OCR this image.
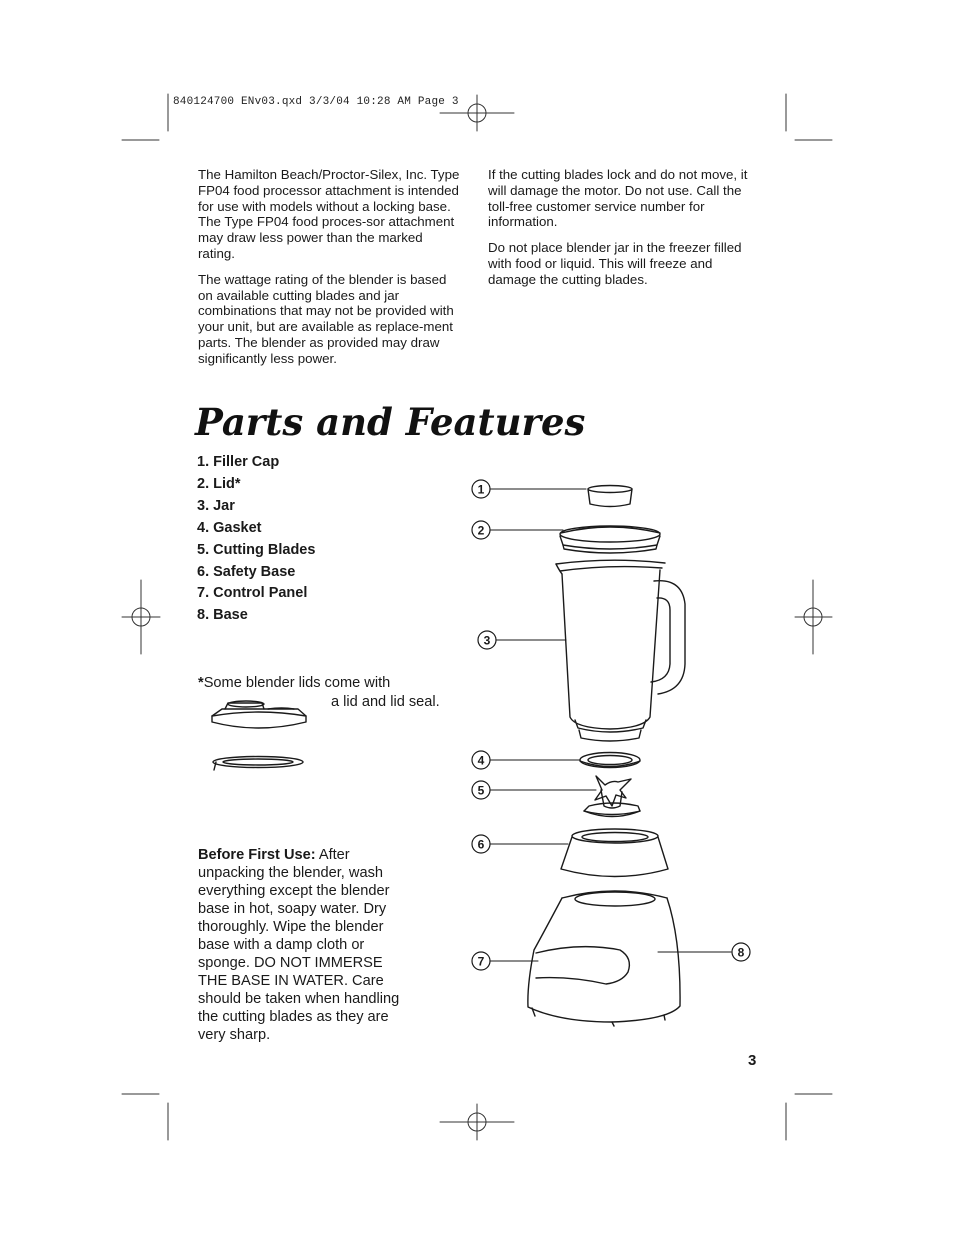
840124700 ENv03.qxd 3/3/04 10:28 AM Page 3

The Hamilton Beach/Proctor-Silex, Inc. Type FP04 food processor attachment is intended for use with models without a locking base. The Type FP04 food proces-sor attachment may draw less power than the marked rating.

The wattage rating of the blender is based on available cutting blades and jar combinations that may not be provided with your unit, but are available as replace-ment parts. The blender as provided may draw significantly less power.

If the cutting blades lock and do not move, it will damage the motor. Do not use. Call the toll-free customer service number for information.

Do not place blender jar in the freezer filled with food or liquid. This will freeze and damage the cutting blades.

Parts and Features
1. Filler Cap
2. Lid*
3. Jar
4. Gasket
5. Cutting Blades
6. Safety Base
7. Control Panel
8. Base
*Some blender lids come with
a lid and lid seal.
Before First Use: After unpacking the blender, wash everything except the blender base in hot, soapy water. Dry thoroughly. Wipe the blender base with a damp cloth or sponge. DO NOT IMMERSE THE BASE IN WATER. Care should be taken when handling the cutting blades as they are very sharp.
3
1
2
3
4
5
6
7
8
